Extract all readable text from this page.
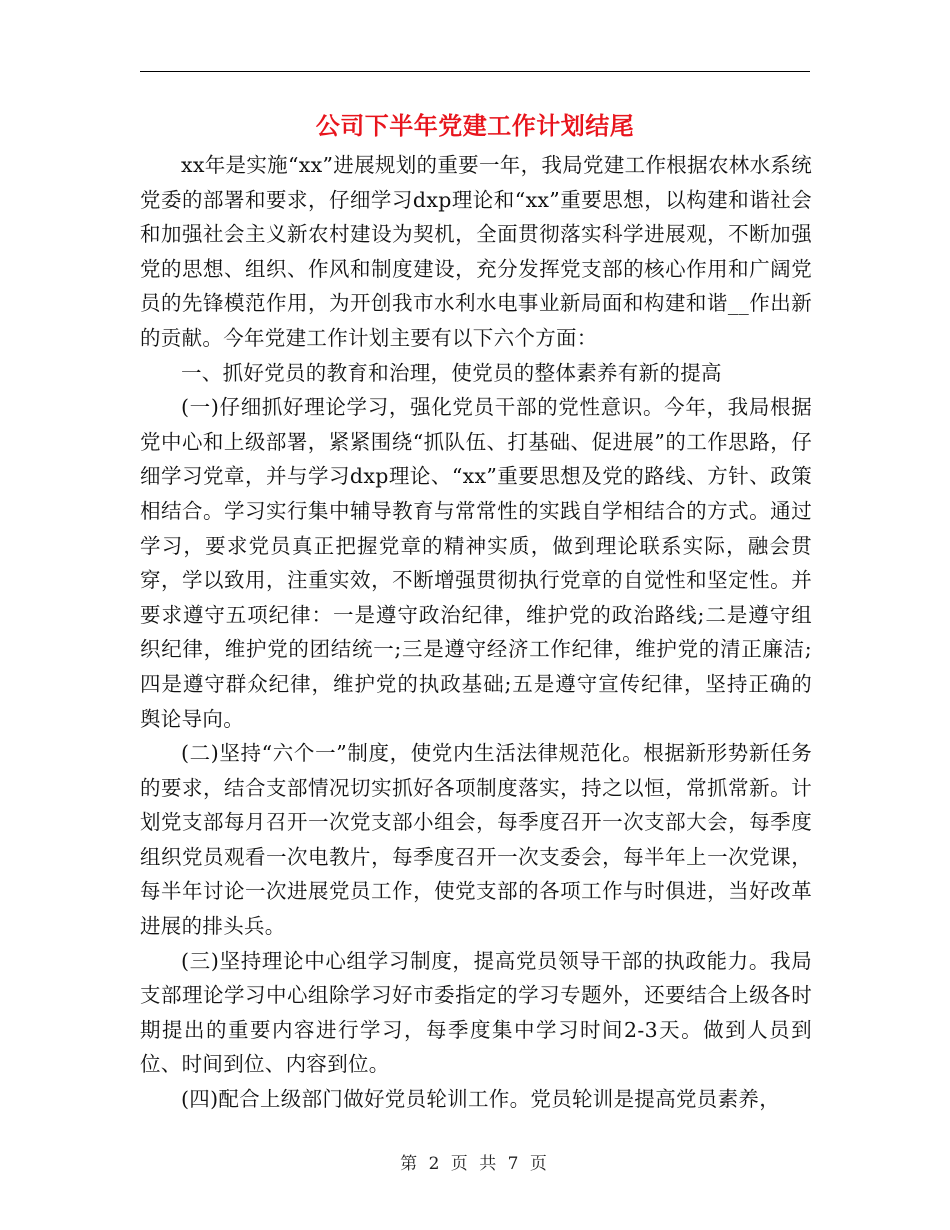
公司下半年党建工作计划结尾

xx年是实施“xx”进展规划的重要一年，我局党建工作根据农林水系统党委的部署和要求，仔细学习dxp理论和“xx”重要思想，以构建和谐社会和加强社会主义新农村建设为契机，全面贯彻落实科学进展观，不断加强党的思想、组织、作风和制度建设，充分发挥党支部的核心作用和广阔党员的先锋模范作用，为开创我市水利水电事业新局面和构建和谐__作出新的贡献。今年党建工作计划主要有以下六个方面：

一、抓好党员的教育和治理，使党员的整体素养有新的提高

(一)仔细抓好理论学习，强化党员干部的党性意识。今年，我局根据党中心和上级部署，紧紧围绕“抓队伍、打基础、促进展”的工作思路，仔细学习党章，并与学习dxp理论、“xx”重要思想及党的路线、方针、政策相结合。学习实行集中辅导教育与常常性的实践自学相结合的方式。通过学习，要求党员真正把握党章的精神实质，做到理论联系实际，融会贯穿，学以致用，注重实效，不断增强贯彻执行党章的自觉性和坚定性。并要求遵守五项纪律：一是遵守政治纪律，维护党的政治路线;二是遵守组织纪律，维护党的团结统一;三是遵守经济工作纪律，维护党的清正廉洁;四是遵守群众纪律，维护党的执政基础;五是遵守宣传纪律，坚持正确的舆论导向。

(二)坚持“六个一”制度，使党内生活法律规范化。根据新形势新任务的要求，结合支部情况切实抓好各项制度落实，持之以恒，常抓常新。计划党支部每月召开一次党支部小组会，每季度召开一次支部大会，每季度组织党员观看一次电教片，每季度召开一次支委会，每半年上一次党课，每半年讨论一次进展党员工作，使党支部的各项工作与时俱进，当好改革进展的排头兵。

(三)坚持理论中心组学习制度，提高党员领导干部的执政能力。我局支部理论学习中心组除学习好市委指定的学习专题外，还要结合上级各时期提出的重要内容进行学习，每季度集中学习时间2-3天。做到人员到位、时间到位、内容到位。

(四)配合上级部门做好党员轮训工作。党员轮训是提高党员素养，

第 2 页 共 7 页
